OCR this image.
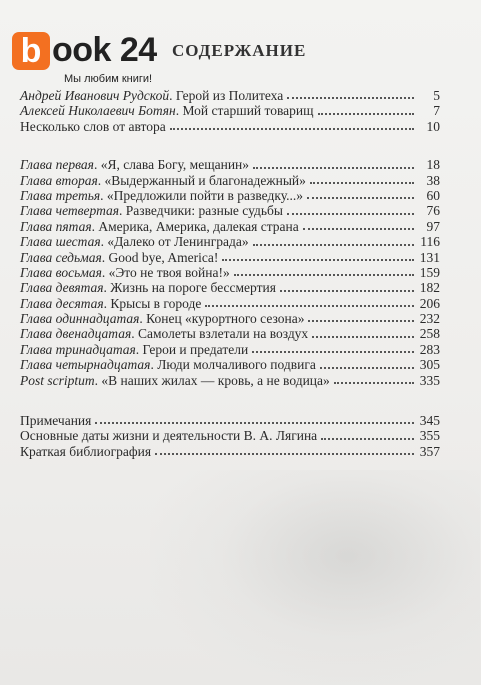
b ook 24
Мы любим книги!
СОДЕРЖАНИЕ
Андрей Иванович Рудской. Герой из Политеха	5
Алексей Николаевич Ботян. Мой старший товарищ	7
Несколько слов от автора	10
Глава первая. «Я, слава Богу, мещанин»	18
Глава вторая. «Выдержанный и благонадежный»	38
Глава третья. «Предложили пойти в разведку...»	60
Глава четвертая. Разведчики: разные судьбы	76
Глава пятая. Америка, Америка, далекая страна	97
Глава шестая. «Далеко от Ленинграда»	116
Глава седьмая. Good bye, America!	131
Глава восьмая. «Это не твоя война!»	159
Глава девятая. Жизнь на пороге бессмертия	182
Глава десятая. Крысы в городе	206
Глава одиннадцатая. Конец «курортного сезона»	232
Глава двенадцатая. Самолеты взлетали на воздух	258
Глава тринадцатая. Герои и предатели	283
Глава четырнадцатая. Люди молчаливого подвига	305
Post scriptum. «В наших жилах — кровь, а не водица»	335
Примечания	345
Основные даты жизни и деятельности В. А. Лягина	355
Краткая библиография	357
